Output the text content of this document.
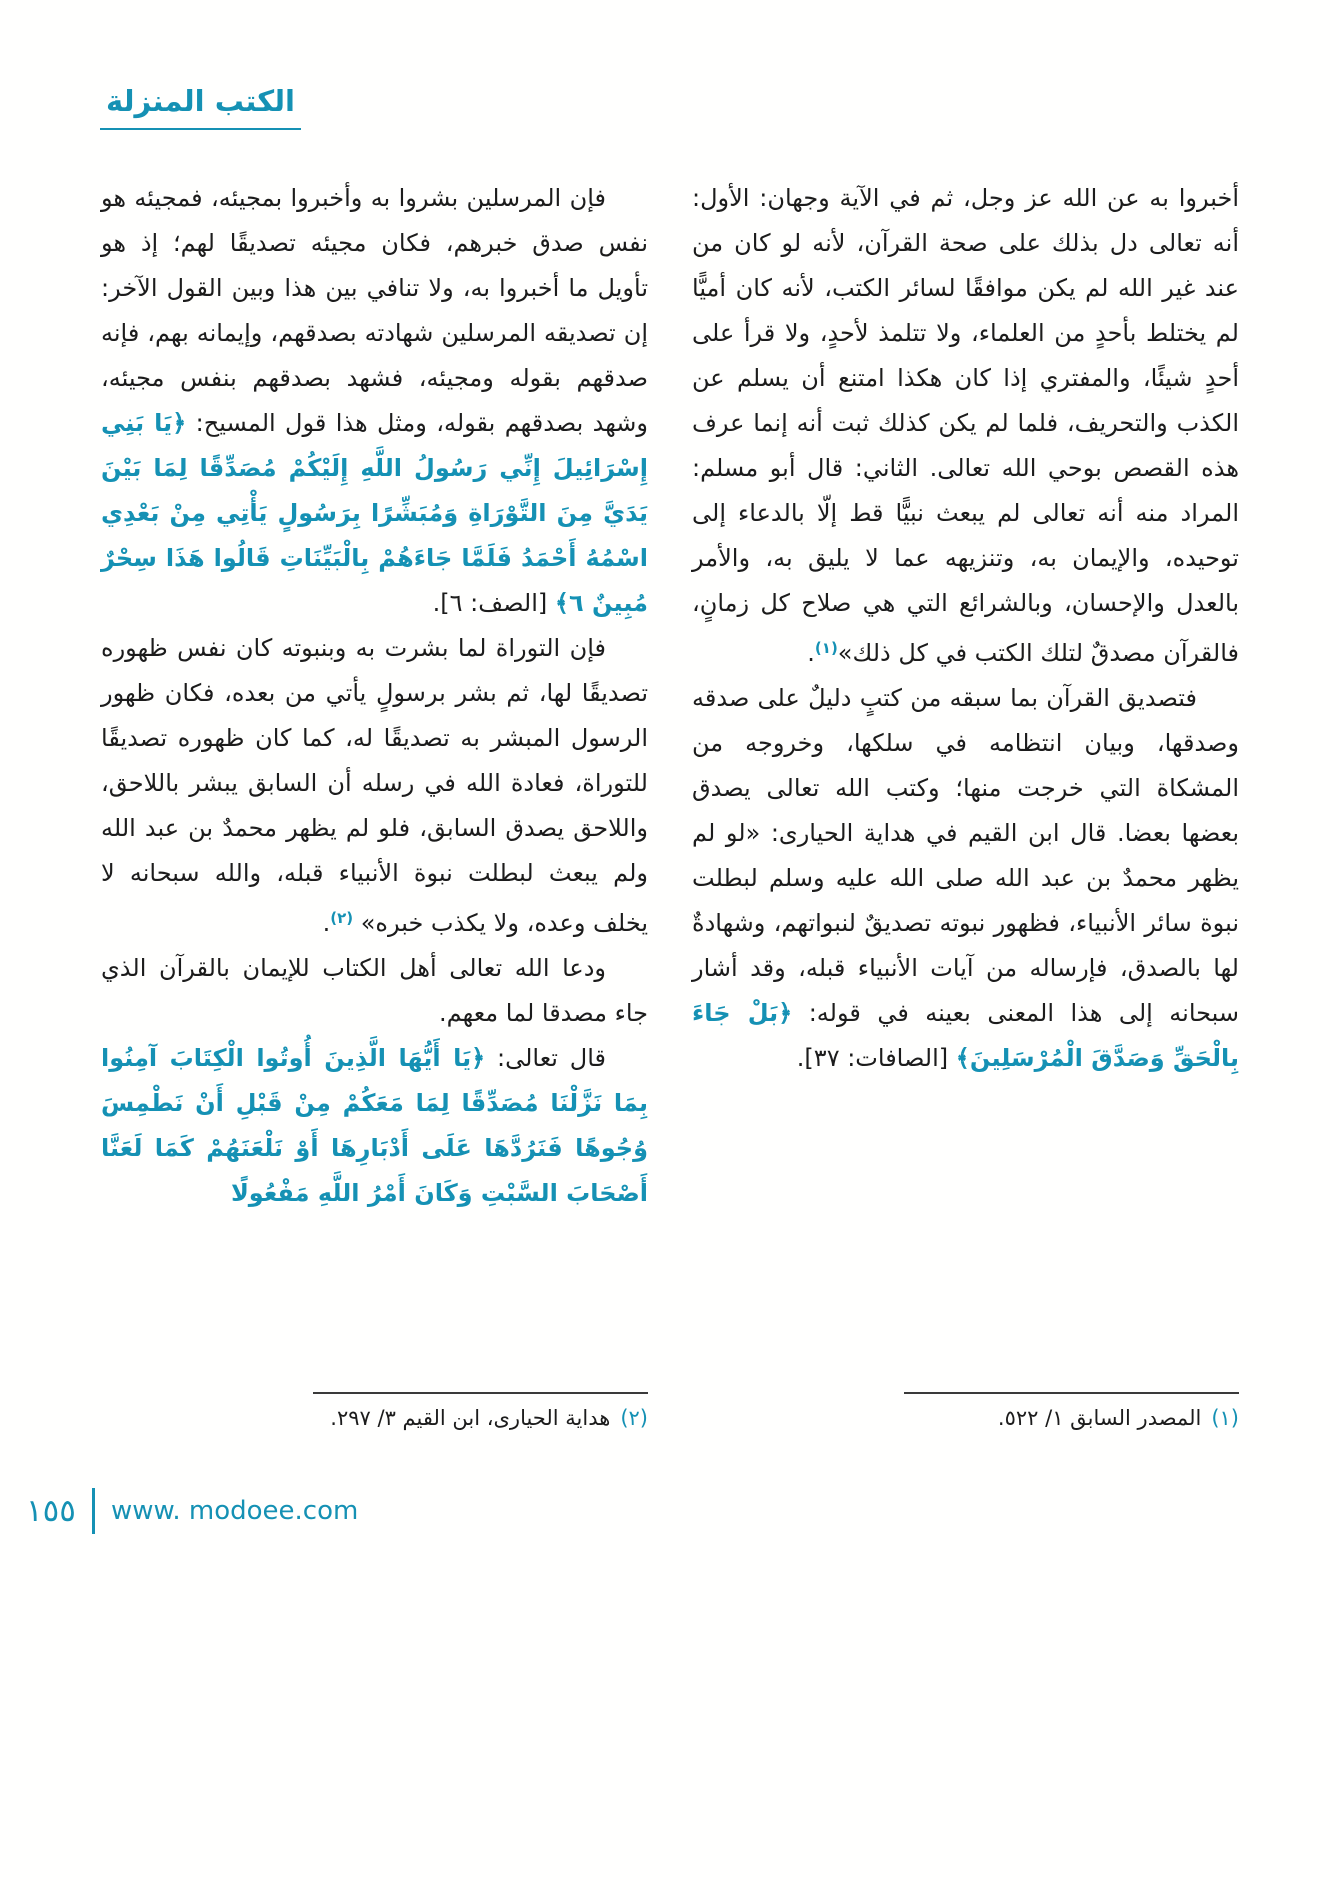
الكتب المنزلة

أخبروا به عن الله عز وجل، ثم في الآية وجهان: الأول: أنه تعالى دل بذلك على صحة القرآن، لأنه لو كان من عند غير الله لم يكن موافقًا لسائر الكتب، لأنه كان أميًّا لم يختلط بأحدٍ من العلماء، ولا تتلمذ لأحدٍ، ولا قرأ على أحدٍ شيئًا، والمفتري إذا كان هكذا امتنع أن يسلم عن الكذب والتحريف، فلما لم يكن كذلك ثبت أنه إنما عرف هذه القصص بوحي الله تعالى. الثاني: قال أبو مسلم: المراد منه أنه تعالى لم يبعث نبيًّا قط إلّا بالدعاء إلى توحيده، والإيمان به، وتنزيهه عما لا يليق به، والأمر بالعدل والإحسان، وبالشرائع التي هي صلاح كل زمانٍ، فالقرآن مصدقٌ لتلك الكتب في كل ذلك»$^{(١)}$.

فتصديق القرآن بما سبقه من كتبٍ دليلٌ على صدقه وصدقها، وبيان انتظامه في سلكها، وخروجه من المشكاة التي خرجت منها؛ وكتب الله تعالى يصدق بعضها بعضا. قال ابن القيم في هداية الحيارى: «لو لم يظهر محمدٌ بن عبد الله صلى الله عليه وسلم لبطلت نبوة سائر الأنبياء، فظهور نبوته تصديقٌ لنبواتهم، وشهادةٌ لها بالصدق، فإرساله من آيات الأنبياء قبله، وقد أشار سبحانه إلى هذا المعنى بعينه في قوله: ﴿بَلْ جَاءَ بِالْحَقِّ وَصَدَّقَ الْمُرْسَلِينَ﴾ [الصافات: ٣٧].

فإن المرسلين بشروا به وأخبروا بمجيئه، فمجيئه هو نفس صدق خبرهم، فكان مجيئه تصديقًا لهم؛ إذ هو تأويل ما أخبروا به، ولا تنافي بين هذا وبين القول الآخر: إن تصديقه المرسلين شهادته بصدقهم، وإيمانه بهم، فإنه صدقهم بقوله ومجيئه، فشهد بصدقهم بنفس مجيئه، وشهد بصدقهم بقوله، ومثل هذا قول المسيح: ﴿يَا بَنِي إِسْرَائِيلَ إِنِّي رَسُولُ اللَّهِ إِلَيْكُمْ مُصَدِّقًا لِمَا بَيْنَ يَدَيَّ مِنَ التَّوْرَاةِ وَمُبَشِّرًا بِرَسُولٍ يَأْتِي مِنْ بَعْدِي اسْمُهُ أَحْمَدُ فَلَمَّا جَاءَهُمْ بِالْبَيِّنَاتِ قَالُوا هَذَا سِحْرٌ مُبِينٌ ٦﴾ [الصف: ٦].

فإن التوراة لما بشرت به وبنبوته كان نفس ظهوره تصديقًا لها، ثم بشر برسولٍ يأتي من بعده، فكان ظهور الرسول المبشر به تصديقًا له، كما كان ظهوره تصديقًا للتوراة، فعادة الله في رسله أن السابق يبشر باللاحق، واللاحق يصدق السابق، فلو لم يظهر محمدٌ بن عبد الله ولم يبعث لبطلت نبوة الأنبياء قبله، والله سبحانه لا يخلف وعده، ولا يكذب خبره» $^{(٢)}$.

ودعا الله تعالى أهل الكتاب للإيمان بالقرآن الذي جاء مصدقا لما معهم.

قال تعالى: ﴿يَا أَيُّهَا الَّذِينَ أُوتُوا الْكِتَابَ آمِنُوا بِمَا نَزَّلْنَا مُصَدِّقًا لِمَا مَعَكُمْ مِنْ قَبْلِ أَنْ نَطْمِسَ وُجُوهًا فَنَرُدَّهَا عَلَى أَدْبَارِهَا أَوْ نَلْعَنَهُمْ كَمَا لَعَنَّا أَصْحَابَ السَّبْتِ وَكَانَ أَمْرُ اللَّهِ مَفْعُولًا

(١)المصدر السابق ١/ ٥٢٢.
(٢)هداية الحيارى، ابن القيم ٣/ ٢٩٧.
١٥٥ www. modoee.com
